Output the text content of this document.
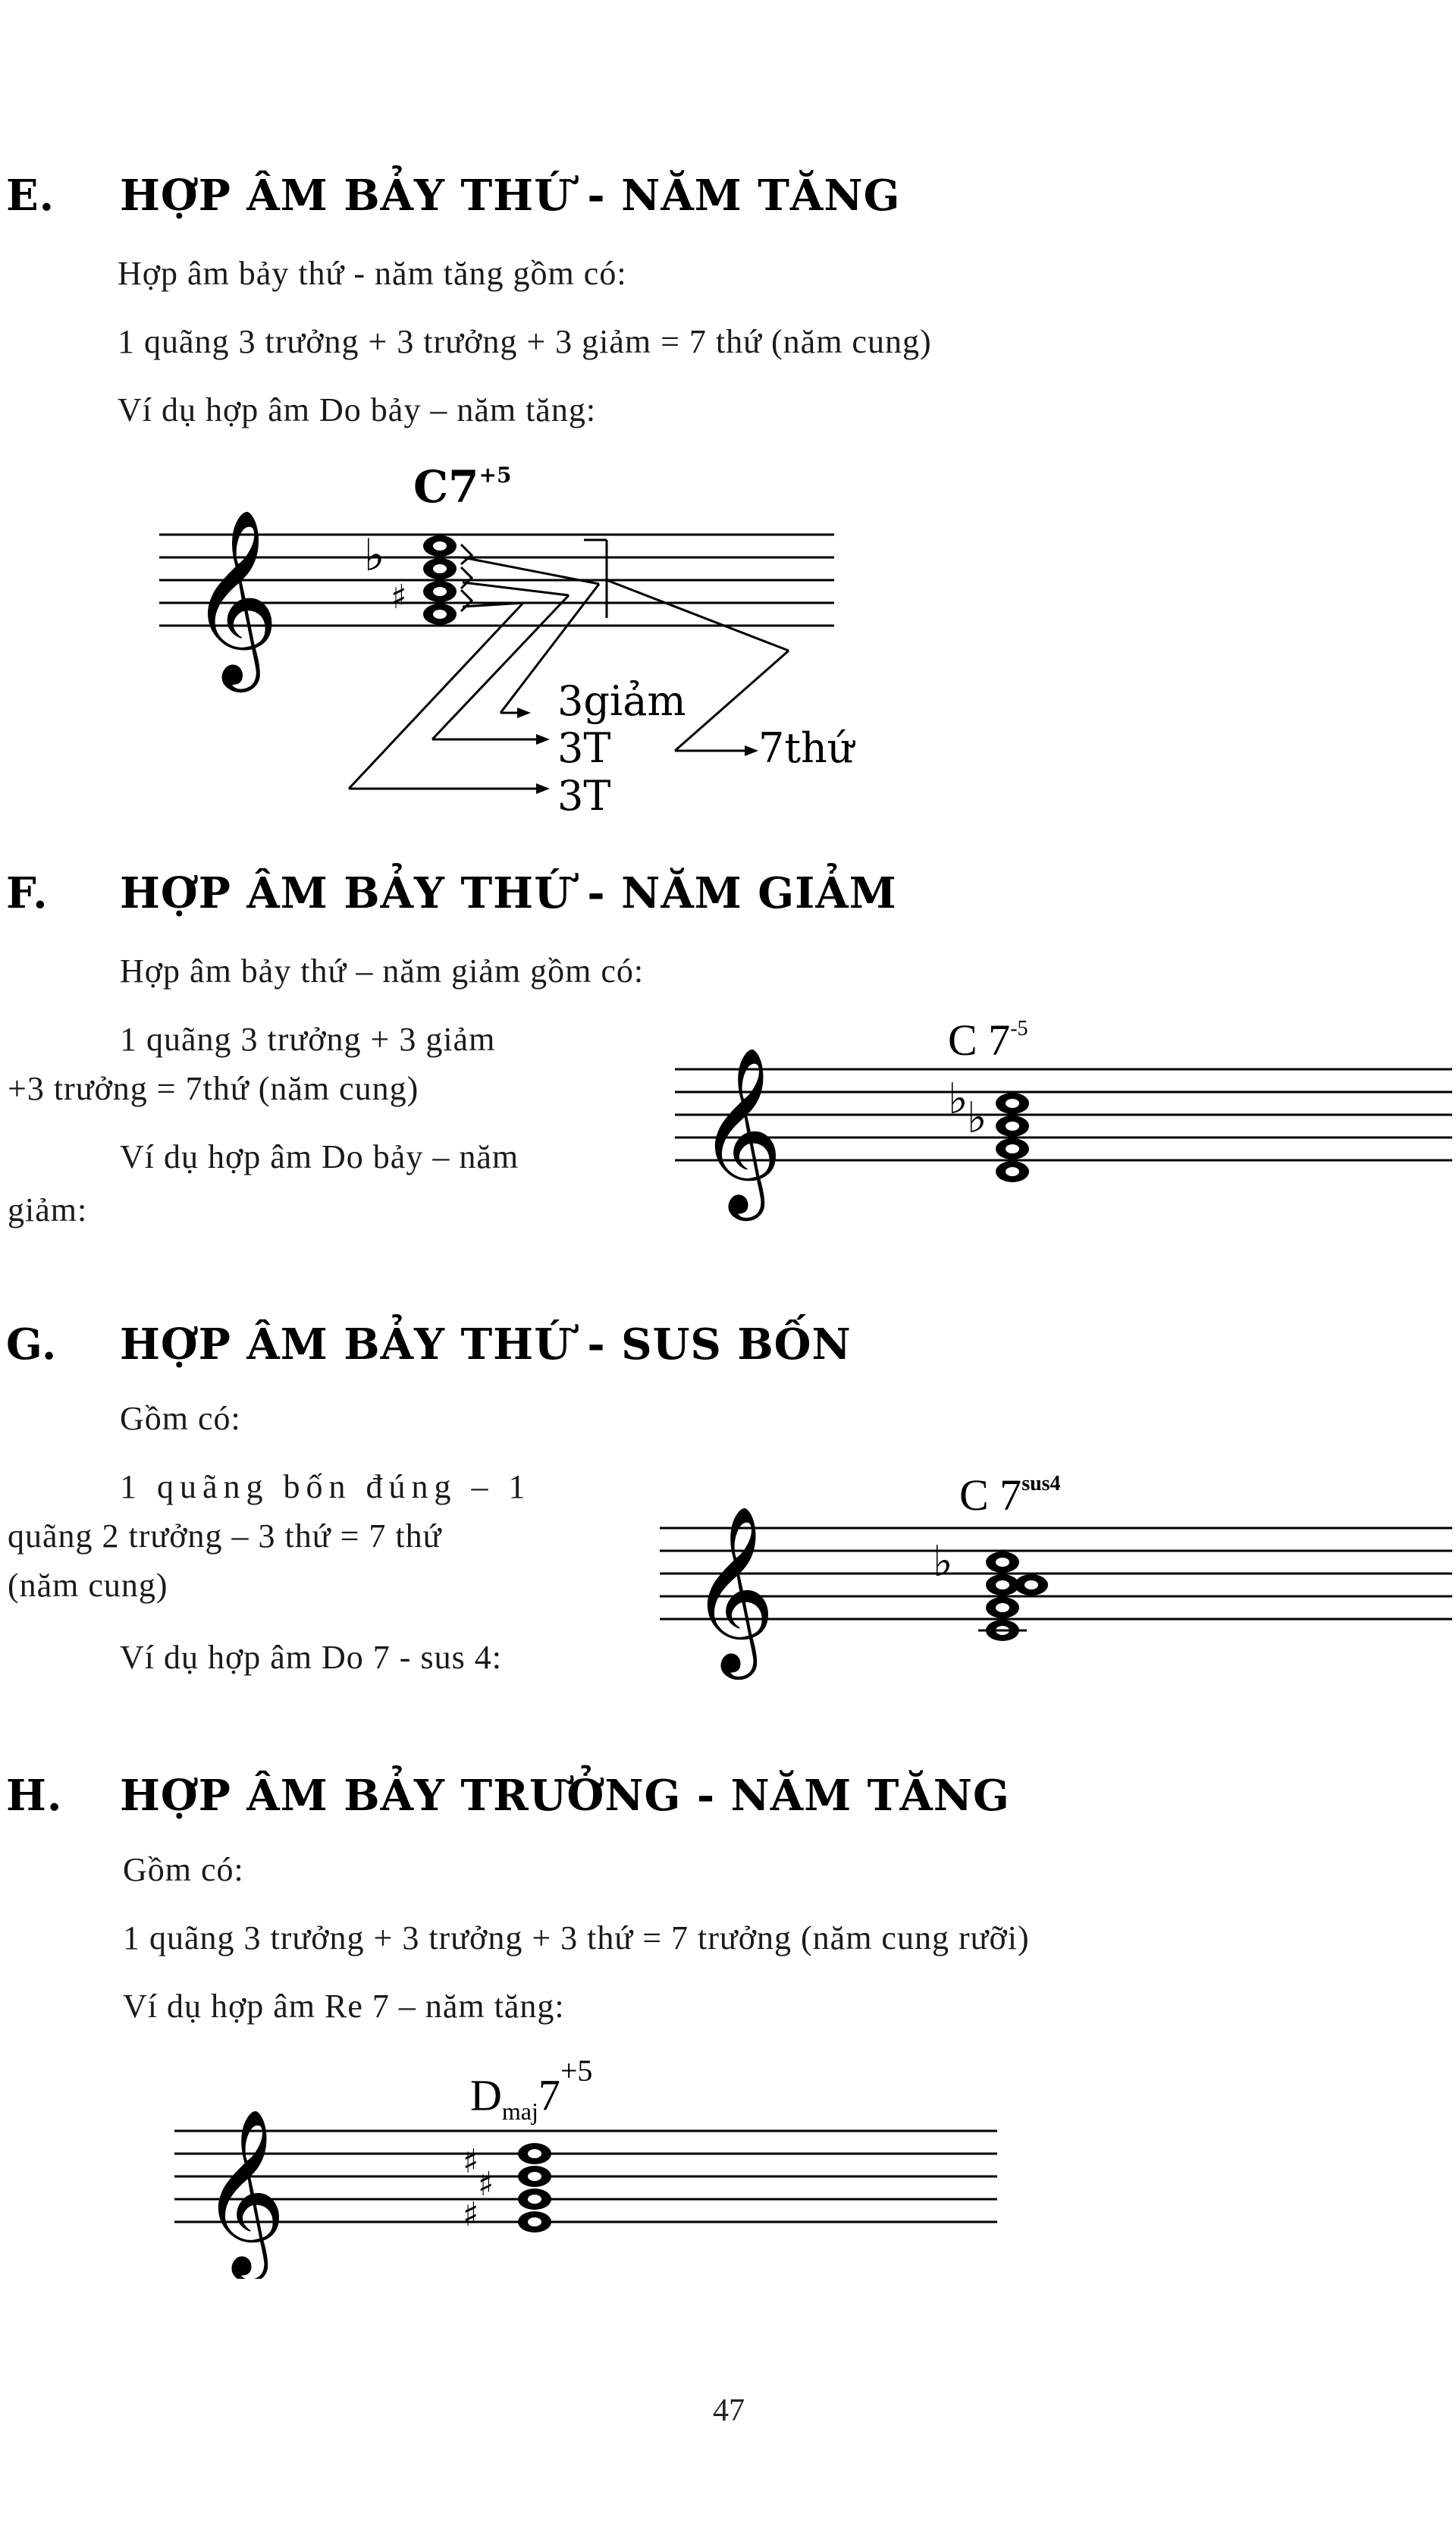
E. HỢP ÂM BẢY THỨ - NĂM TĂNG
Hợp âm bảy thứ - năm tăng gồm có:
1 quãng 3 trưởng + 3 trưởng + 3 giảm = 7 thứ (năm cung)
Ví dụ hợp âm Do bảy – năm tăng:
$C7^{+5}$
𝄞 ♭
♯
3giảm
3T
3T
7thứ
F. HỢP ÂM BẢY THỨ - NĂM GIẢM
Hợp âm bảy thứ – năm giảm gồm có:
1 quãng 3 trưởng + 3 giảm
+3 trưởng = 7thứ (năm cung)
Ví dụ hợp âm Do bảy – năm
giảm:
C $7^{-5}$
𝄞	♭
♭
G. HỢP ÂM BẢY THỨ - SUS BỐN
Gồm có:
1 quãng bốn đúng – 1
quãng 2 trưởng – 3 thứ = 7 thứ
(năm cung)
Ví dụ hợp âm Do 7 - sus 4:
C $7^{sus4}$
𝄞	♭
H. HỢP ÂM BẢY TRƯỞNG - NĂM TĂNG
Gồm có:
1 quãng 3 trưởng + 3 trưởng + 3 thứ = 7 trưởng (năm cung rưỡi)
Ví dụ hợp âm Re 7 – năm tăng:
$D_{maj}7^{+5}$
𝄞	♯
♯
♯
47
